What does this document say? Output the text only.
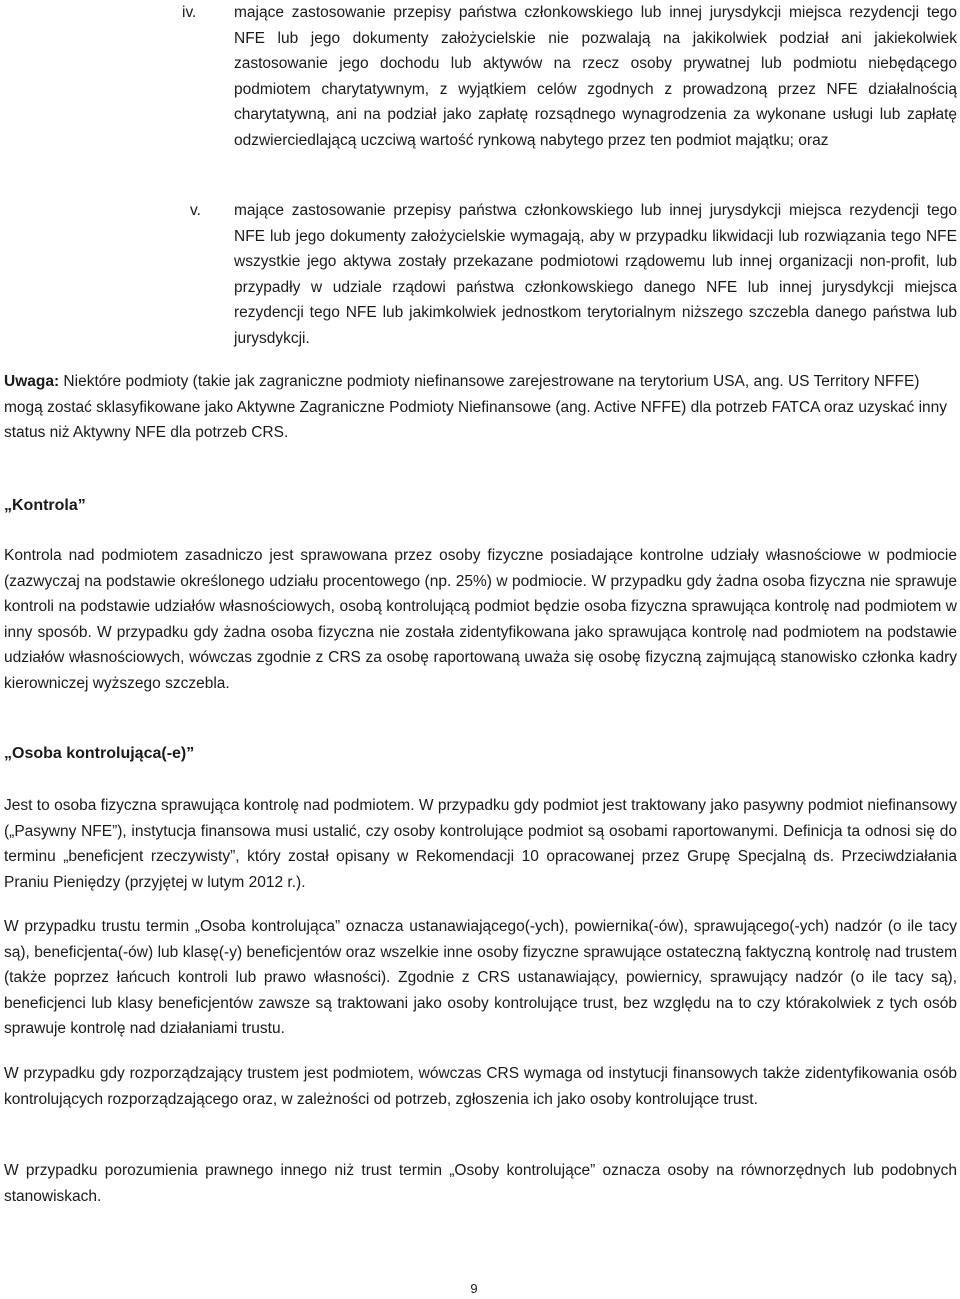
iv. mające zastosowanie przepisy państwa członkowskiego lub innej jurysdykcji miejsca rezydencji tego NFE lub jego dokumenty założycielskie nie pozwalają na jakikolwiek podział ani jakiekolwiek zastosowanie jego dochodu lub aktywów na rzecz osoby prywatnej lub podmiotu niebędącego podmiotem charytatywnym, z wyjątkiem celów zgodnych z prowadzoną przez NFE działalnością charytatywną, ani na podział jako zapłatę rozsądnego wynagrodzenia za wykonane usługi lub zapłatę odzwierciedlającą uczciwą wartość rynkową nabytego przez ten podmiot majątku; oraz

v. mające zastosowanie przepisy państwa członkowskiego lub innej jurysdykcji miejsca rezydencji tego NFE lub jego dokumenty założycielskie wymagają, aby w przypadku likwidacji lub rozwiązania tego NFE wszystkie jego aktywa zostały przekazane podmiotowi rządowemu lub innej organizacji non-profit, lub przypadły w udziale rządowi państwa członkowskiego danego NFE lub innej jurysdykcji miejsca rezydencji tego NFE lub jakimkolwiek jednostkom terytorialnym niższego szczebla danego państwa lub jurysdykcji.

Uwaga: Niektóre podmioty (takie jak zagraniczne podmioty niefinansowe zarejestrowane na terytorium USA, ang. US Territory NFFE) mogą zostać sklasyfikowane jako Aktywne Zagraniczne Podmioty Niefinansowe (ang. Active NFFE) dla potrzeb FATCA oraz uzyskać inny status niż Aktywny NFE dla potrzeb CRS.

„Kontrola”

Kontrola nad podmiotem zasadniczo jest sprawowana przez osoby fizyczne posiadające kontrolne udziały własnościowe w podmiocie (zazwyczaj na podstawie określonego udziału procentowego (np. 25%) w podmiocie. W przypadku gdy żadna osoba fizyczna nie sprawuje kontroli na podstawie udziałów własnościowych, osobą kontrolującą podmiot będzie osoba fizyczna sprawująca kontrolę nad podmiotem w inny sposób. W przypadku gdy żadna osoba fizyczna nie została zidentyfikowana jako sprawująca kontrolę nad podmiotem na podstawie udziałów własnościowych, wówczas zgodnie z CRS za osobę raportowaną uważa się osobę fizyczną zajmującą stanowisko członka kadry kierowniczej wyższego szczebla.

„Osoba kontrolująca(-e)”

Jest to osoba fizyczna sprawująca kontrolę nad podmiotem. W przypadku gdy podmiot jest traktowany jako pasywny podmiot niefinansowy („Pasywny NFE”), instytucja finansowa musi ustalić, czy osoby kontrolujące podmiot są osobami raportowanymi. Definicja ta odnosi się do terminu „beneficjent rzeczywisty”, który został opisany w Rekomendacji 10 opracowanej przez Grupę Specjalną ds. Przeciwdziałania Praniu Pieniędzy (przyjętej w lutym 2012 r.).

W przypadku trustu termin „Osoba kontrolująca” oznacza ustanawiającego(-ych), powiernika(-ów), sprawującego(-ych) nadzór (o ile tacy są), beneficjenta(-ów) lub klasę(-y) beneficjentów oraz wszelkie inne osoby fizyczne sprawujące ostateczną faktyczną kontrolę nad trustem (także poprzez łańcuch kontroli lub prawo własności). Zgodnie z CRS ustanawiający, powiernicy, sprawujący nadzór (o ile tacy są), beneficjenci lub klasy beneficjentów zawsze są traktowani jako osoby kontrolujące trust, bez względu na to czy którakolwiek z tych osób sprawuje kontrolę nad działaniami trustu.

W przypadku gdy rozporządzający trustem jest podmiotem, wówczas CRS wymaga od instytucji finansowych także zidentyfikowania osób kontrolujących rozporządzającego oraz, w zależności od potrzeb, zgłoszenia ich jako osoby kontrolujące trust.

W przypadku porozumienia prawnego innego niż trust termin „Osoby kontrolujące” oznacza osoby na równorzędnych lub podobnych stanowiskach.

9
